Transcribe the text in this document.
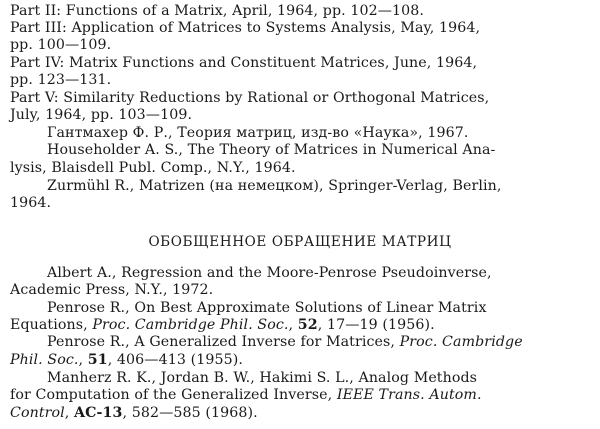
Part II: Functions of a Matrix, April, 1964, pp. 102—108.
Part III: Application of Matrices to Systems Analysis, May, 1964,
pp. 100—109.
Part IV: Matrix Functions and Constituent Matrices, June, 1964,
pp. 123—131.
Part V: Similarity Reductions by Rational or Orthogonal Matrices,
July, 1964, pp. 103—109.
Гантмахер Ф. Р., Теория матриц, изд-во «Наука», 1967.
Householder A. S., The Theory of Matrices in Numerical Ana-
lysis, Blaisdell Publ. Comp., N.Y., 1964.
Zurmühl R., Matrizen (на немецком), Springer-Verlag, Berlin,
1964.
ОБОБЩЕННОЕ ОБРАЩЕНИЕ МАТРИЦ
Albert A., Regression and the Moore-Penrose Pseudoinverse,
Academic Press, N.Y., 1972.
Penrose R., On Best Approximate Solutions of Linear Matrix
Equations, Proc. Cambridge Phil. Soc., 52, 17—19 (1956).
Penrose R., A Generalized Inverse for Matrices, Proc. Cambridge
Phil. Soc., 51, 406—413 (1955).
Manherz R. K., Jordan B. W., Hakimi S. L., Analog Methods
for Computation of the Generalized Inverse, IEEE Trans. Autom.
Control, AC-13, 582—585 (1968).
